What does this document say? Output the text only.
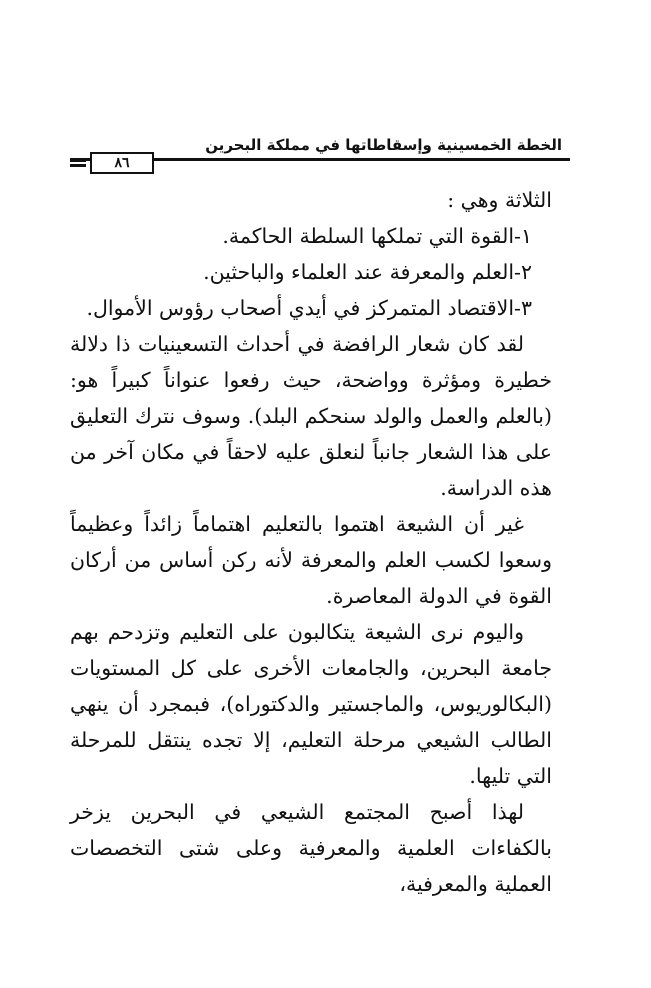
الخطة الخمسينية وإسقاطاتها في مملكة البحرين
٨٦

الثلاثة وهي :

١-القوة التي تملكها السلطة الحاكمة.

٢-العلم والمعرفة عند العلماء والباحثين.

٣-الاقتصاد المتمركز في أيدي أصحاب رؤوس الأموال.

لقد كان شعار الرافضة في أحداث التسعينيات ذا دلالة خطيرة ومؤثرة وواضحة، حيث رفعوا عنواناً كبيراً هو: (بالعلم والعمل والولد سنحكم البلد). وسوف نترك التعليق على هذا الشعار جانباً لنعلق عليه لاحقاً في مكان آخر من هذه الدراسة.

غير أن الشيعة اهتموا بالتعليم اهتماماً زائداً وعظيماً وسعوا لكسب العلم والمعرفة لأنه ركن أساس من أركان القوة في الدولة المعاصرة.

واليوم نرى الشيعة يتكالبون على التعليم وتزدحم بهم جامعة البحرين، والجامعات الأخرى على كل المستويات (البكالوريوس، والماجستير والدكتوراه)، فبمجرد أن ينهي الطالب الشيعي مرحلة التعليم، إلا تجده ينتقل للمرحلة التي تليها.

لهذا أصبح المجتمع الشيعي في البحرين يزخر بالكفاءات العلمية والمعرفية وعلى شتى التخصصات العملية والمعرفية،
